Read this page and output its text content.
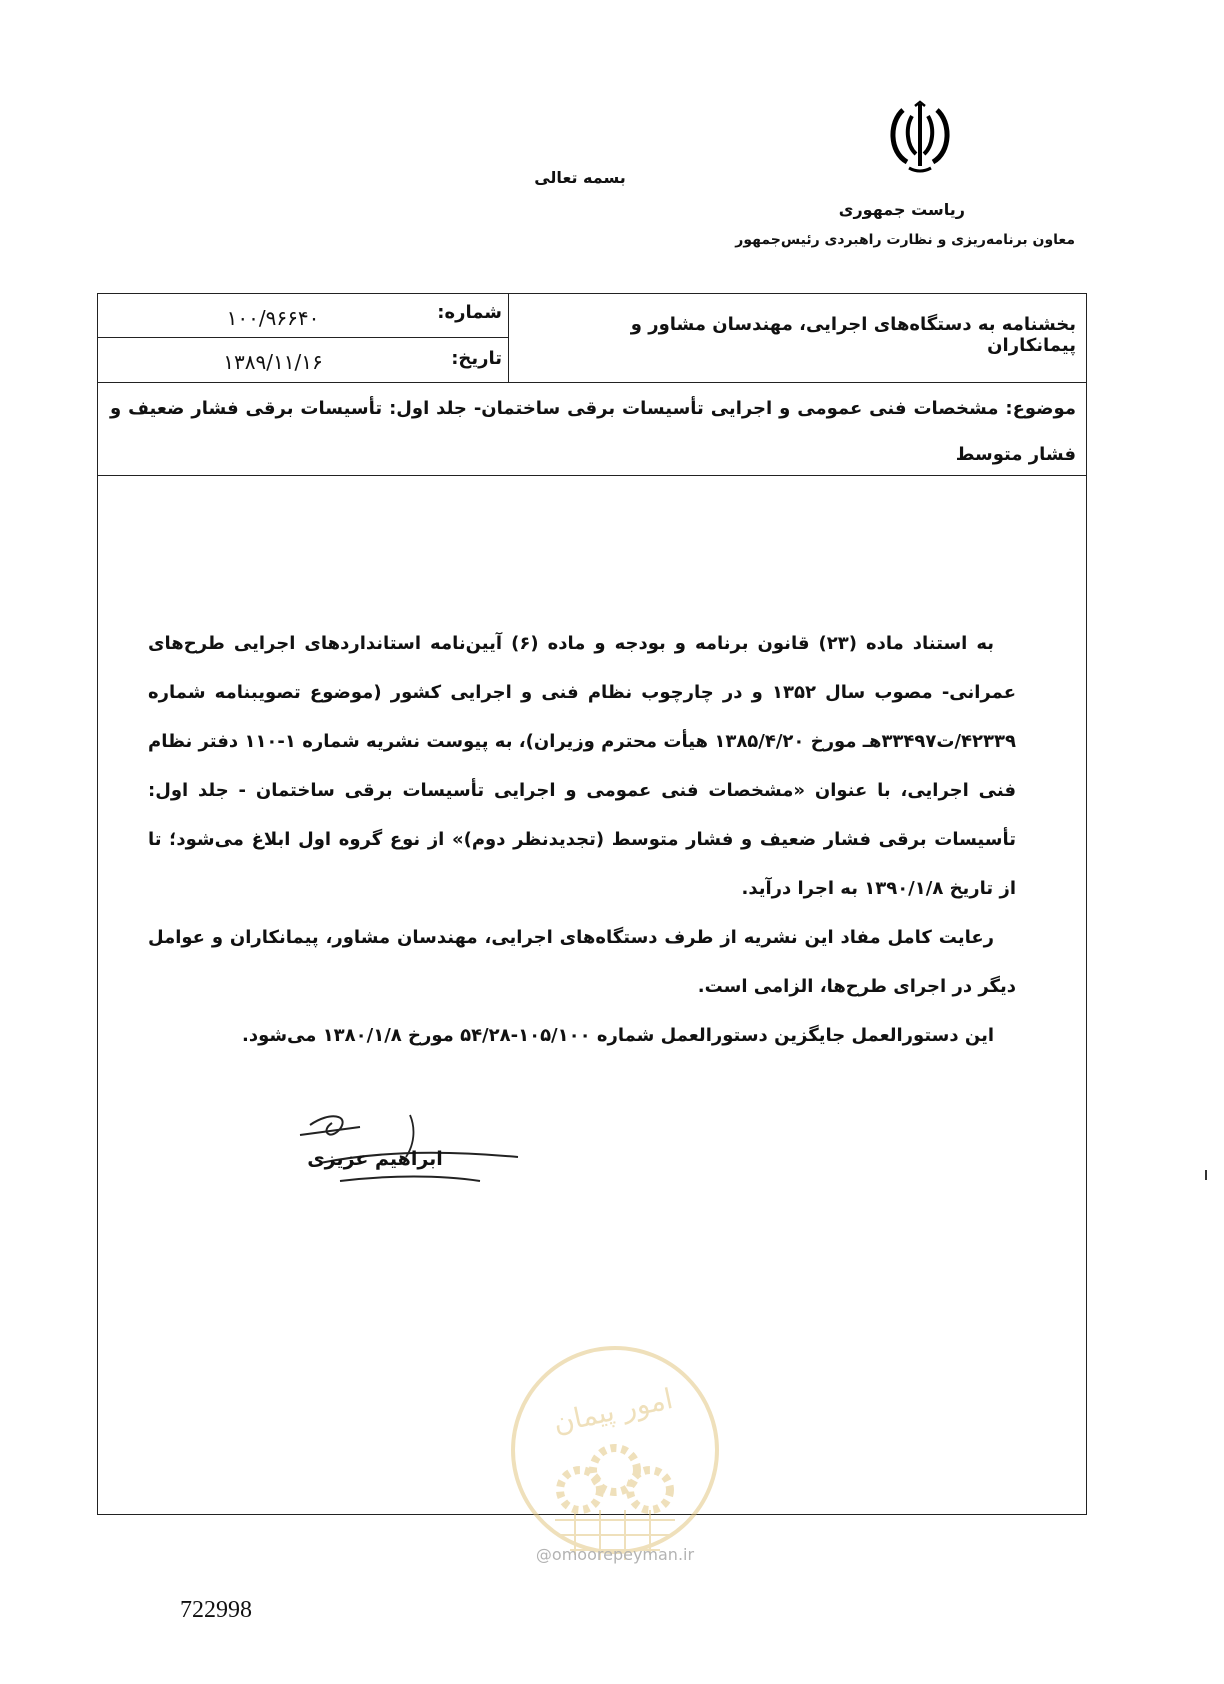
بسمه تعالی
ریاست جمهوری
معاون برنامه‌ریزی و نظارت راهبردی رئیس‌جمهور
شماره:
۱۰۰/۹۶۶۴۰
تاریخ:
۱۳۸۹/۱۱/۱۶
بخشنامه به دستگاه‌های اجرایی، مهندسان مشاور و پیمانکاران
موضوع: مشخصات فنی عمومی و اجرایی تأسیسات برقی ساختمان- جلد اول: تأسیسات برقی فشار ضعیف و فشار متوسط

به استناد ماده (۲۳) قانون برنامه و بودجه و ماده (۶) آیین‌نامه استانداردهای اجرایی طرح‌های عمرانی- مصوب سال ۱۳۵۲ و در چارچوب نظام فنی و اجرایی کشور (موضوع تصویبنامه شماره ۴۲۳۳۹/ت۳۳۴۹۷هـ مورخ ۱۳۸۵/۴/۲۰ هیأت محترم وزیران)، به پیوست نشریه شماره ۱-۱۱۰ دفتر نظام فنی اجرایی، با عنوان «مشخصات فنی عمومی و اجرایی تأسیسات برقی ساختمان - جلد اول: تأسیسات برقی فشار ضعیف و فشار متوسط (تجدیدنظر دوم)» از نوع گروه اول ابلاغ می‌شود؛ تا از تاریخ ۱۳۹۰/۱/۸ به اجرا درآید.

رعایت کامل مفاد این نشریه از طرف دستگاه‌های اجرایی، مهندسان مشاور، پیمانکاران و عوامل دیگر در اجرای طرح‌ها، الزامی است.

این دستورالعمل جایگزین دستورالعمل شماره ۱۰۵/۱۰۰-۵۴/۲۸ مورخ ۱۳۸۰/۱/۸ می‌شود.

ابراهیم عزیزی
امور پیمان
@omoorepeyman.ir
722998
